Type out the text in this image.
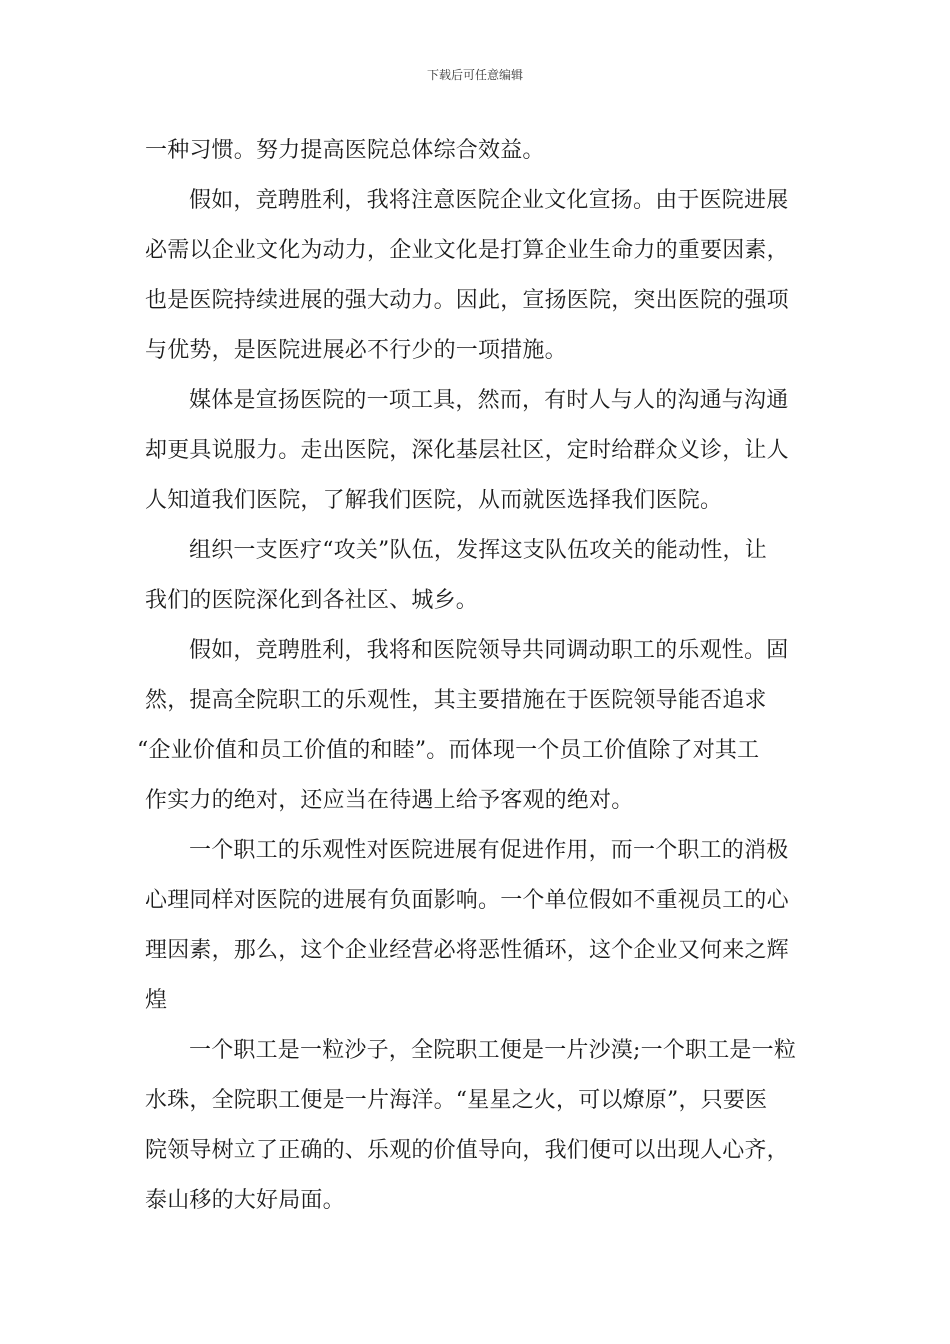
下载后可任意编辑
一种习惯。努力提高医院总体综合效益。
假如，竞聘胜利，我将注意医院企业文化宣扬。由于医院进展
必需以企业文化为动力，企业文化是打算企业生命力的重要因素，
也是医院持续进展的强大动力。因此，宣扬医院，突出医院的强项
与优势，是医院进展必不行少的一项措施。
媒体是宣扬医院的一项工具，然而，有时人与人的沟通与沟通
却更具说服力。走出医院，深化基层社区，定时给群众义诊，让人
人知道我们医院，了解我们医院，从而就医选择我们医院。
组织一支医疗“攻关”队伍，发挥这支队伍攻关的能动性，让
我们的医院深化到各社区、城乡。
假如，竞聘胜利，我将和医院领导共同调动职工的乐观性。固
然，提高全院职工的乐观性，其主要措施在于医院领导能否追求
“企业价值和员工价值的和睦”。而体现一个员工价值除了对其工
作实力的绝对，还应当在待遇上给予客观的绝对。
一个职工的乐观性对医院进展有促进作用，而一个职工的消极
心理同样对医院的进展有负面影响。一个单位假如不重视员工的心
理因素，那么，这个企业经营必将恶性循环，这个企业又何来之辉
煌
一个职工是一粒沙子，全院职工便是一片沙漠;一个职工是一粒
水珠，全院职工便是一片海洋。“星星之火，可以燎原”，只要医
院领导树立了正确的、乐观的价值导向，我们便可以出现人心齐，
泰山移的大好局面。
